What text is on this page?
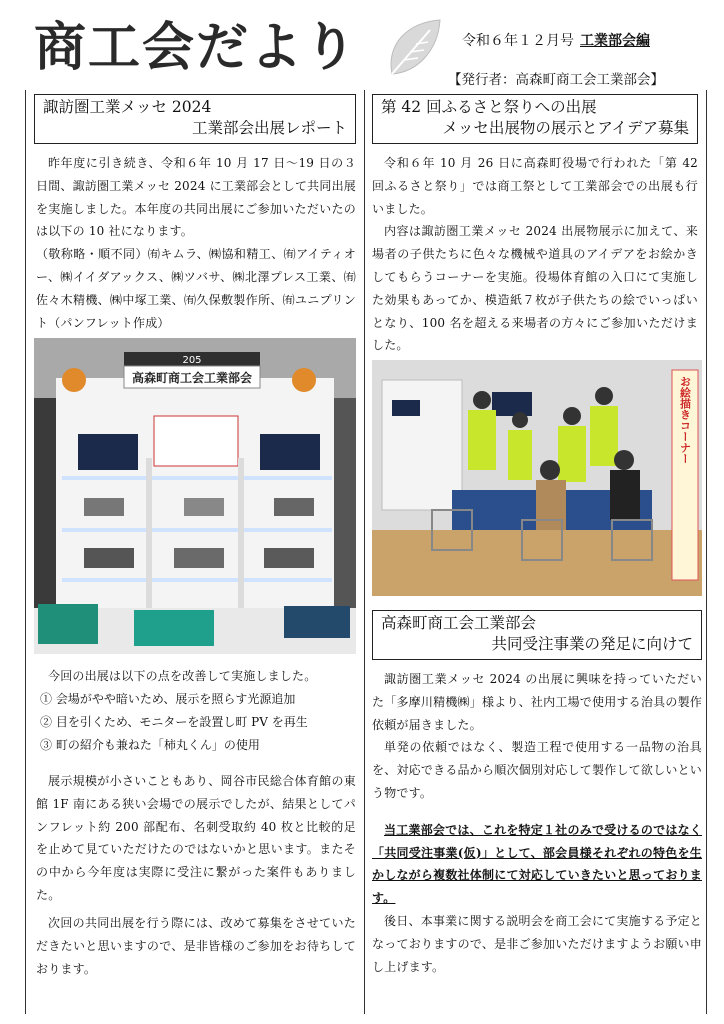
商工会だより	令和６年１２月号 工業部会編
【発行者：高森町商工会工業部会】
諏訪圏工業メッセ 2024
工業部会出展レポート

昨年度に引き続き、令和６年 10 月 17 日～19 日の３日間、諏訪圏工業メッセ 2024 に工業部会として共同出展を実施しました。本年度の共同出展にご参加いただいたのは以下の 10 社になります。

（敬称略・順不同）㈲キムラ、㈱協和精工、㈲アイティオー、㈱イイダアックス、㈱ツバサ、㈱北澤プレス工業、㈲佐々木精機、㈱中塚工業、㈲久保敷製作所、㈲ユニプリント（パンフレット作成）

205
高森町商工会工業部会

今回の出展は以下の点を改善して実施しました。

① 会場がやや暗いため、展示を照らす光源追加
② 目を引くため、モニターを設置し町 PV を再生
③ 町の紹介も兼ねた「柿丸くん」の使用

展示規模が小さいこともあり、岡谷市民総合体育館の東館 1F 南にある狭い会場での展示でしたが、結果としてパンフレット約 200 部配布、名刺受取約 40 枚と比較的足を止めて見ていただけたのではないかと思います。またその中から今年度は実際に受注に繋がった案件もありました。

次回の共同出展を行う際には、改めて募集をさせていただきたいと思いますので、是非皆様のご参加をお待ちしております。

第 42 回ふるさと祭りへの出展
メッセ出展物の展示とアイデア募集

令和６年 10 月 26 日に高森町役場で行われた「第 42 回ふるさと祭り」では商工祭として工業部会での出展も行いました。

内容は諏訪圏工業メッセ 2024 出展物展示に加えて、来場者の子供たちに色々な機械や道具のアイデアをお絵かきしてもらうコーナーを実施。役場体育館の入口にて実施した効果もあってか、模造紙７枚が子供たちの絵でいっぱいとなり、100 名を超える来場者の方々にご参加いただけました。

お絵描きコーナー
高森町商工会工業部会
共同受注事業の発足に向けて

諏訪圏工業メッセ 2024 の出展に興味を持っていただいた「多摩川精機㈱」様より、社内工場で使用する治具の製作依頼が届きました。

単発の依頼ではなく、製造工程で使用する一品物の治具を、対応できる品から順次個別対応して製作して欲しいという物です。

当工業部会では、これを特定１社のみで受けるのではなく「共同受注事業(仮)」として、部会員様それぞれの特色を生かしながら複数社体制にて対応していきたいと思っております。

後日、本事業に関する説明会を商工会にて実施する予定となっておりますので、是非ご参加いただけますようお願い申し上げます。
